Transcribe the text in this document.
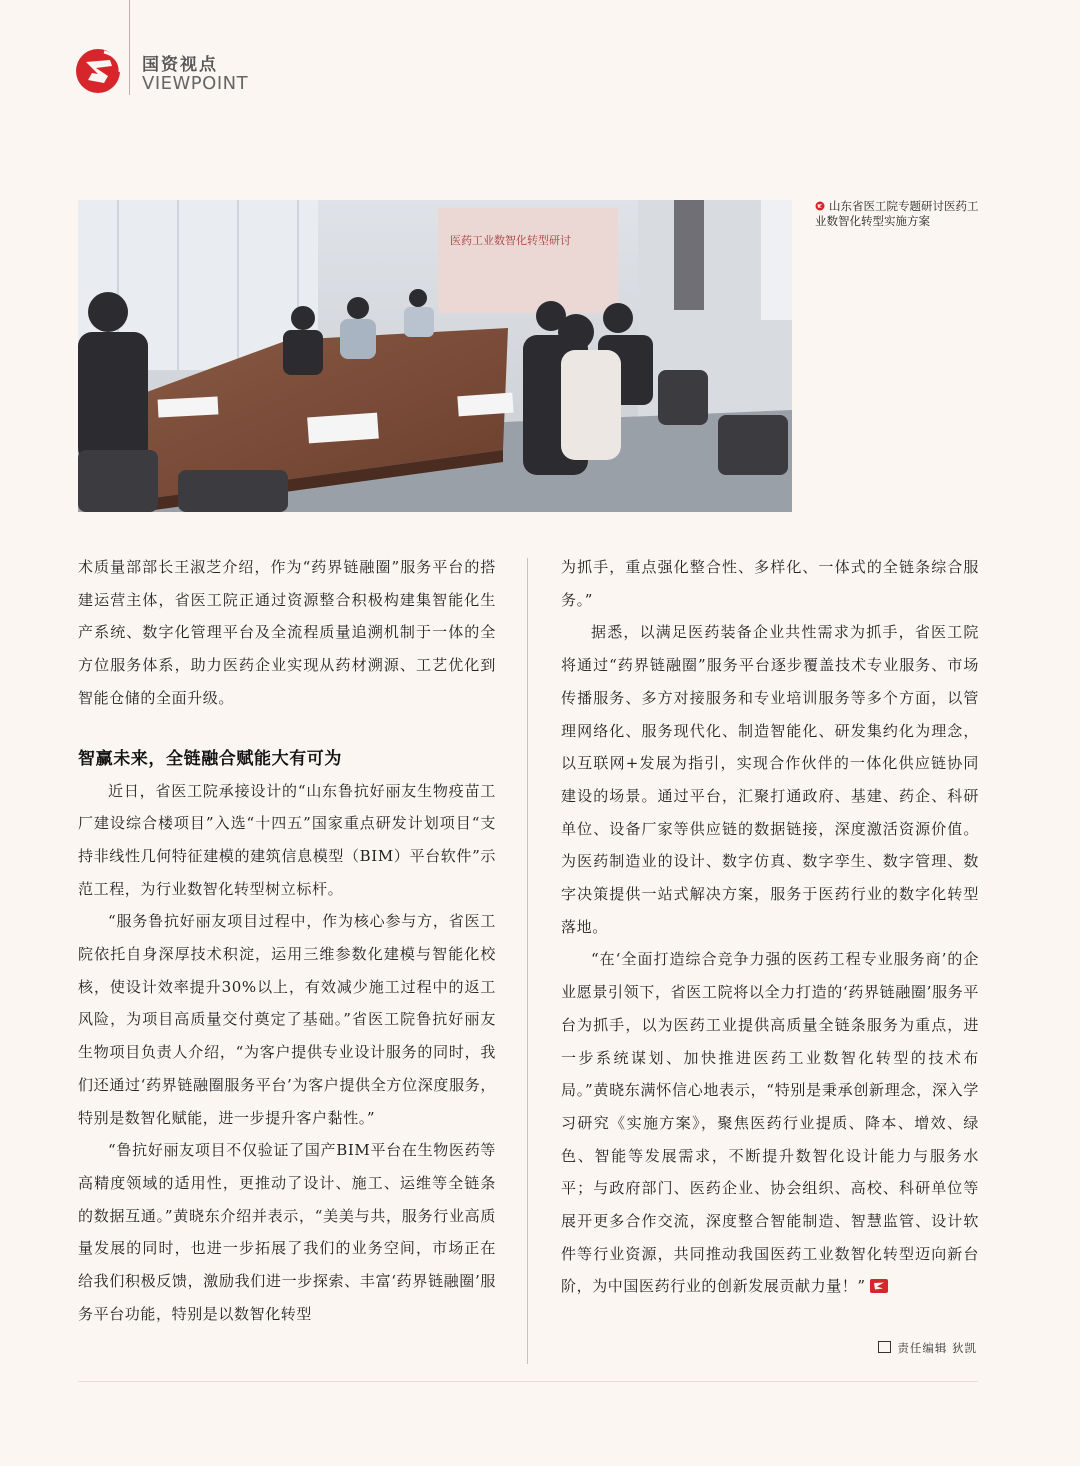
国资视点
VIEWPOINT
医药工业数智化转型研讨
山东省医工院专题研讨医药工业数智化转型实施方案

术质量部部长王淑芝介绍，作为“药界链融圈”服务平台的搭建运营主体，省医工院正通过资源整合积极构建集智能化生产系统、数字化管理平台及全流程质量追溯机制于一体的全方位服务体系，助力医药企业实现从药材溯源、工艺优化到智能仓储的全面升级。

智赢未来，全链融合赋能大有可为

近日，省医工院承接设计的“山东鲁抗好丽友生物疫苗工厂建设综合楼项目”入选“十四五”国家重点研发计划项目“支持非线性几何特征建模的建筑信息模型（BIM）平台软件”示范工程，为行业数智化转型树立标杆。

“服务鲁抗好丽友项目过程中，作为核心参与方，省医工院依托自身深厚技术积淀，运用三维参数化建模与智能化校核，使设计效率提升30%以上，有效减少施工过程中的返工风险，为项目高质量交付奠定了基础。”省医工院鲁抗好丽友生物项目负责人介绍，“为客户提供专业设计服务的同时，我们还通过‘药界链融圈服务平台’为客户提供全方位深度服务，特别是数智化赋能，进一步提升客户黏性。”

“鲁抗好丽友项目不仅验证了国产BIM平台在生物医药等高精度领域的适用性，更推动了设计、施工、运维等全链条的数据互通。”黄晓东介绍并表示，“美美与共，服务行业高质量发展的同时，也进一步拓展了我们的业务空间，市场正在给我们积极反馈，激励我们进一步探索、丰富‘药界链融圈’服务平台功能，特别是以数智化转型

为抓手，重点强化整合性、多样化、一体式的全链条综合服务。”

据悉，以满足医药装备企业共性需求为抓手，省医工院将通过“药界链融圈”服务平台逐步覆盖技术专业服务、市场传播服务、多方对接服务和专业培训服务等多个方面，以管理网络化、服务现代化、制造智能化、研发集约化为理念，以互联网+发展为指引，实现合作伙伴的一体化供应链协同建设的场景。通过平台，汇聚打通政府、基建、药企、科研单位、设备厂家等供应链的数据链接，深度激活资源价值。为医药制造业的设计、数字仿真、数字孪生、数字管理、数字决策提供一站式解决方案，服务于医药行业的数字化转型落地。

“在‘全面打造综合竞争力强的医药工程专业服务商’的企业愿景引领下，省医工院将以全力打造的‘药界链融圈’服务平台为抓手，以为医药工业提供高质量全链条服务为重点，进一步系统谋划、加快推进医药工业数智化转型的技术布局。”黄晓东满怀信心地表示，“特别是秉承创新理念，深入学习研究《实施方案》，聚焦医药行业提质、降本、增效、绿色、智能等发展需求，不断提升数智化设计能力与服务水平；与政府部门、医药企业、协会组织、高校、科研单位等展开更多合作交流，深度整合智能制造、智慧监管、设计软件等行业资源，共同推动我国医药工业数智化转型迈向新台阶，为中国医药行业的创新发展贡献力量！”

责任编辑 狄凯
